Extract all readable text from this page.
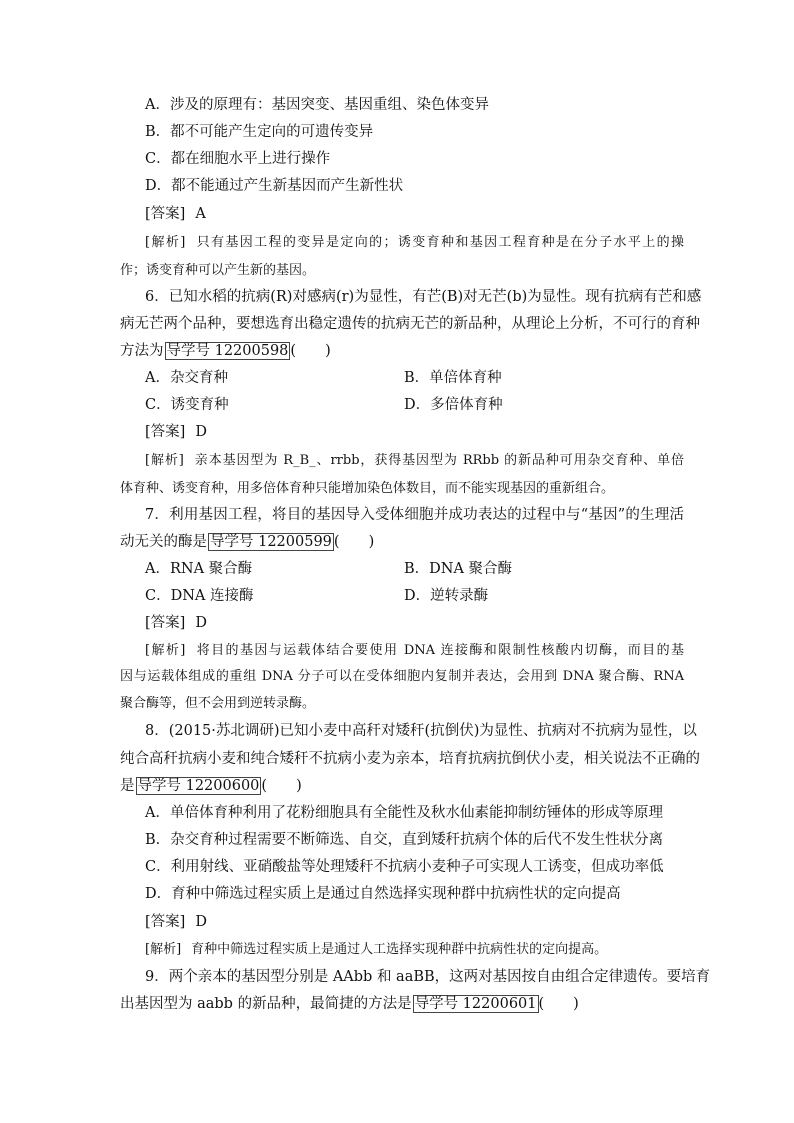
A．涉及的原理有：基因突变、基因重组、染色体变异
B．都不可能产生定向的可遗传变异
C．都在细胞水平上进行操作
D．都不能通过产生新基因而产生新性状
[答案] A
[解析] 只有基因工程的变异是定向的；诱变育种和基因工程育种是在分子水平上的操
作；诱变育种可以产生新的基因。
6．已知水稻的抗病(R)对感病(r)为显性，有芒(B)对无芒(b)为显性。现有抗病有芒和感
病无芒两个品种，要想选育出稳定遗传的抗病无芒的新品种，从理论上分析，不可行的育种
方法为 导学号 12200598 (　　)
A．杂交育种	B．单倍体育种
C．诱变育种	D．多倍体育种
[答案] D
[解析] 亲本基因型为 R_B_、rrbb，获得基因型为 RRbb 的新品种可用杂交育种、单倍
体育种、诱变育种，用多倍体育种只能增加染色体数目，而不能实现基因的重新组合。
7．利用基因工程，将目的基因导入受体细胞并成功表达的过程中与“基因”的生理活
动无关的酶是 导学号 12200599 (　　)
A．RNA 聚合酶	B．DNA 聚合酶
C．DNA 连接酶	D．逆转录酶
[答案] D
[解析] 将目的基因与运载体结合要使用 DNA 连接酶和限制性核酸内切酶，而目的基
因与运载体组成的重组 DNA 分子可以在受体细胞内复制并表达，会用到 DNA 聚合酶、RNA
聚合酶等，但不会用到逆转录酶。
8．(2015·苏北调研)已知小麦中高秆对矮秆(抗倒伏)为显性、抗病对不抗病为显性，以
纯合高秆抗病小麦和纯合矮秆不抗病小麦为亲本，培育抗病抗倒伏小麦，相关说法不正确的
是 导学号 12200600 (　　)
A．单倍体育种利用了花粉细胞具有全能性及秋水仙素能抑制纺锤体的形成等原理
B．杂交育种过程需要不断筛选、自交，直到矮秆抗病个体的后代不发生性状分离
C．利用射线、亚硝酸盐等处理矮秆不抗病小麦种子可实现人工诱变，但成功率低
D．育种中筛选过程实质上是通过自然选择实现种群中抗病性状的定向提高
[答案] D
[解析] 育种中筛选过程实质上是通过人工选择实现种群中抗病性状的定向提高。
9．两个亲本的基因型分别是 AAbb 和 aaBB，这两对基因按自由组合定律遗传。要培育
出基因型为 aabb 的新品种，最简捷的方法是 导学号 12200601 (　　)
